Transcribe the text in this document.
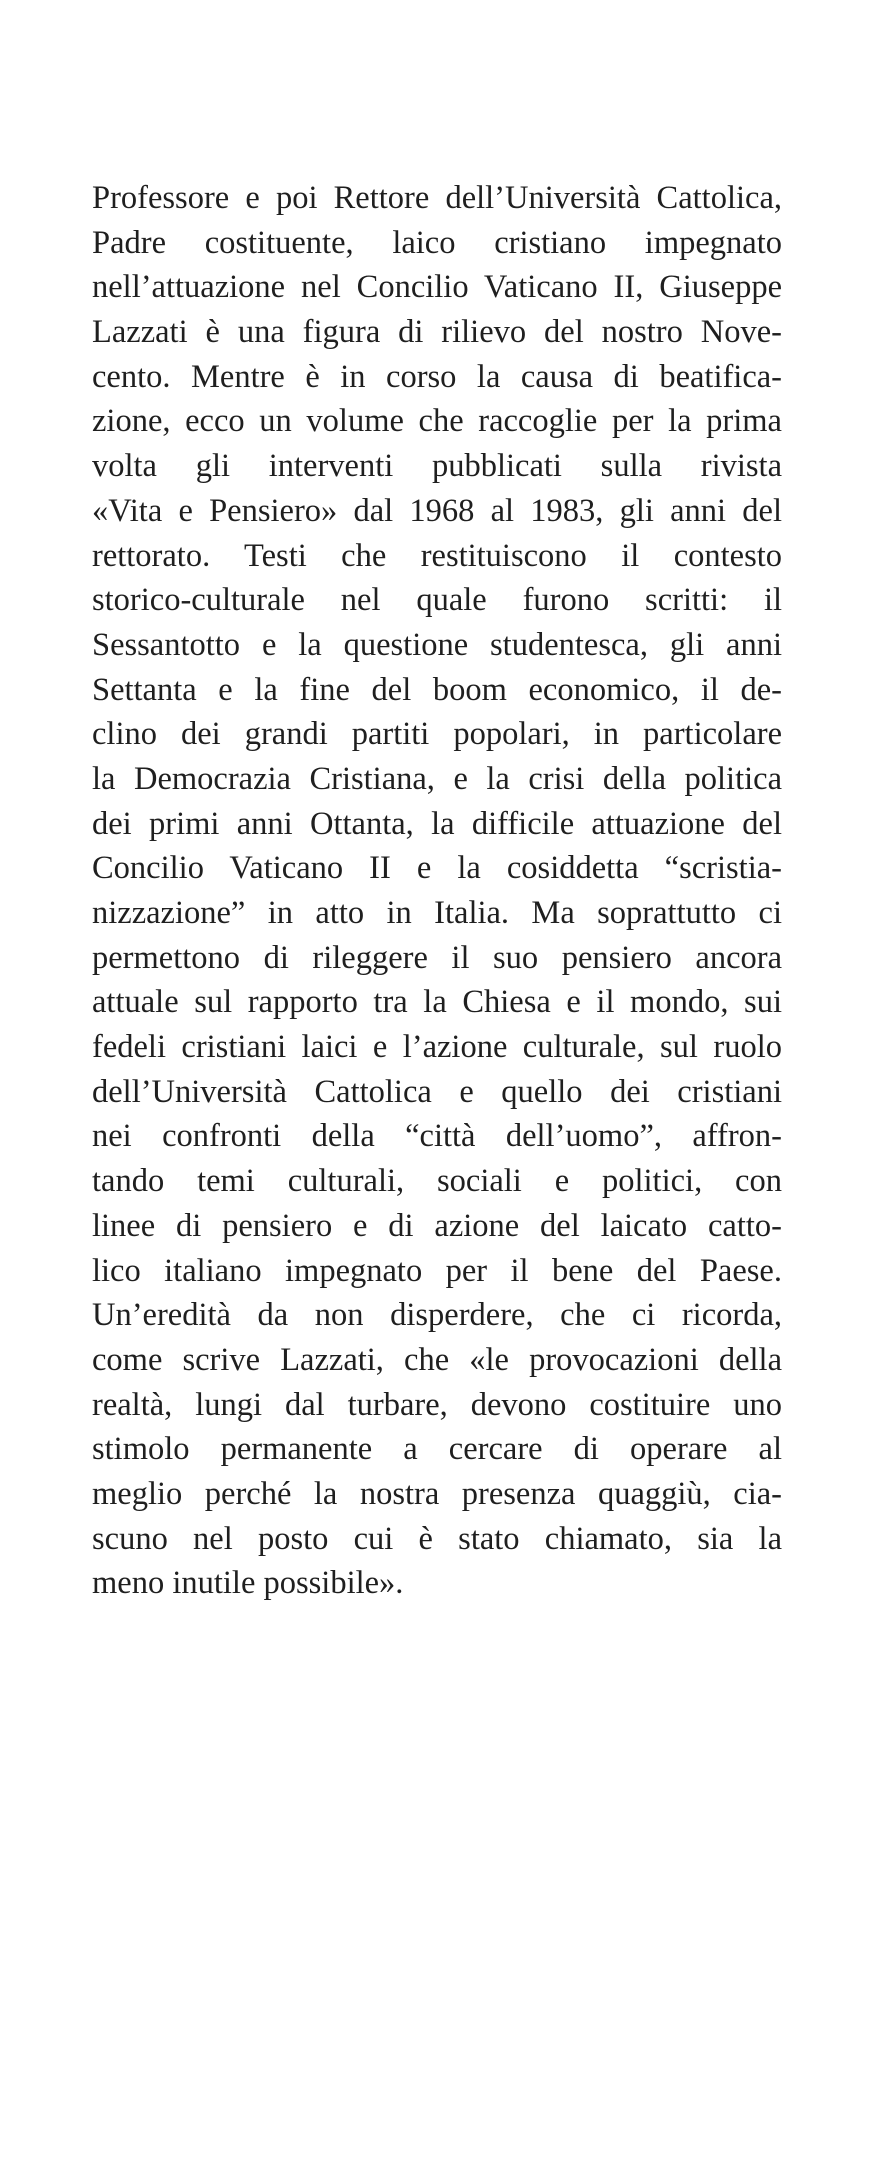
Professore e poi Rettore dell’Università Cattolica,
Padre costituente, laico cristiano impegnato
nell’attuazione nel Concilio Vaticano II, Giuseppe
Lazzati è una figura di rilievo del nostro Nove-
cento. Mentre è in corso la causa di beatifica-
zione, ecco un volume che raccoglie per la prima
volta gli interventi pubblicati sulla rivista
«Vita e Pensiero» dal 1968 al 1983, gli anni del
rettorato. Testi che restituiscono il contesto
storico-culturale nel quale furono scritti: il
Sessantotto e la questione studentesca, gli anni
Settanta e la fine del boom economico, il de-
clino dei grandi partiti popolari, in particolare
la Democrazia Cristiana, e la crisi della politica
dei primi anni Ottanta, la difficile attuazione del
Concilio Vaticano II e la cosiddetta “scristia-
nizzazione” in atto in Italia. Ma soprattutto ci
permettono di rileggere il suo pensiero ancora
attuale sul rapporto tra la Chiesa e il mondo, sui
fedeli cristiani laici e l’azione culturale, sul ruolo
dell’Università Cattolica e quello dei cristiani
nei confronti della “città dell’uomo”, affron-
tando temi culturali, sociali e politici, con
linee di pensiero e di azione del laicato catto-
lico italiano impegnato per il bene del Paese.
Un’eredità da non disperdere, che ci ricorda,
come scrive Lazzati, che «le provocazioni della
realtà, lungi dal turbare, devono costituire uno
stimolo permanente a cercare di operare al
meglio perché la nostra presenza quaggiù, cia-
scuno nel posto cui è stato chiamato, sia la
meno inutile possibile».
